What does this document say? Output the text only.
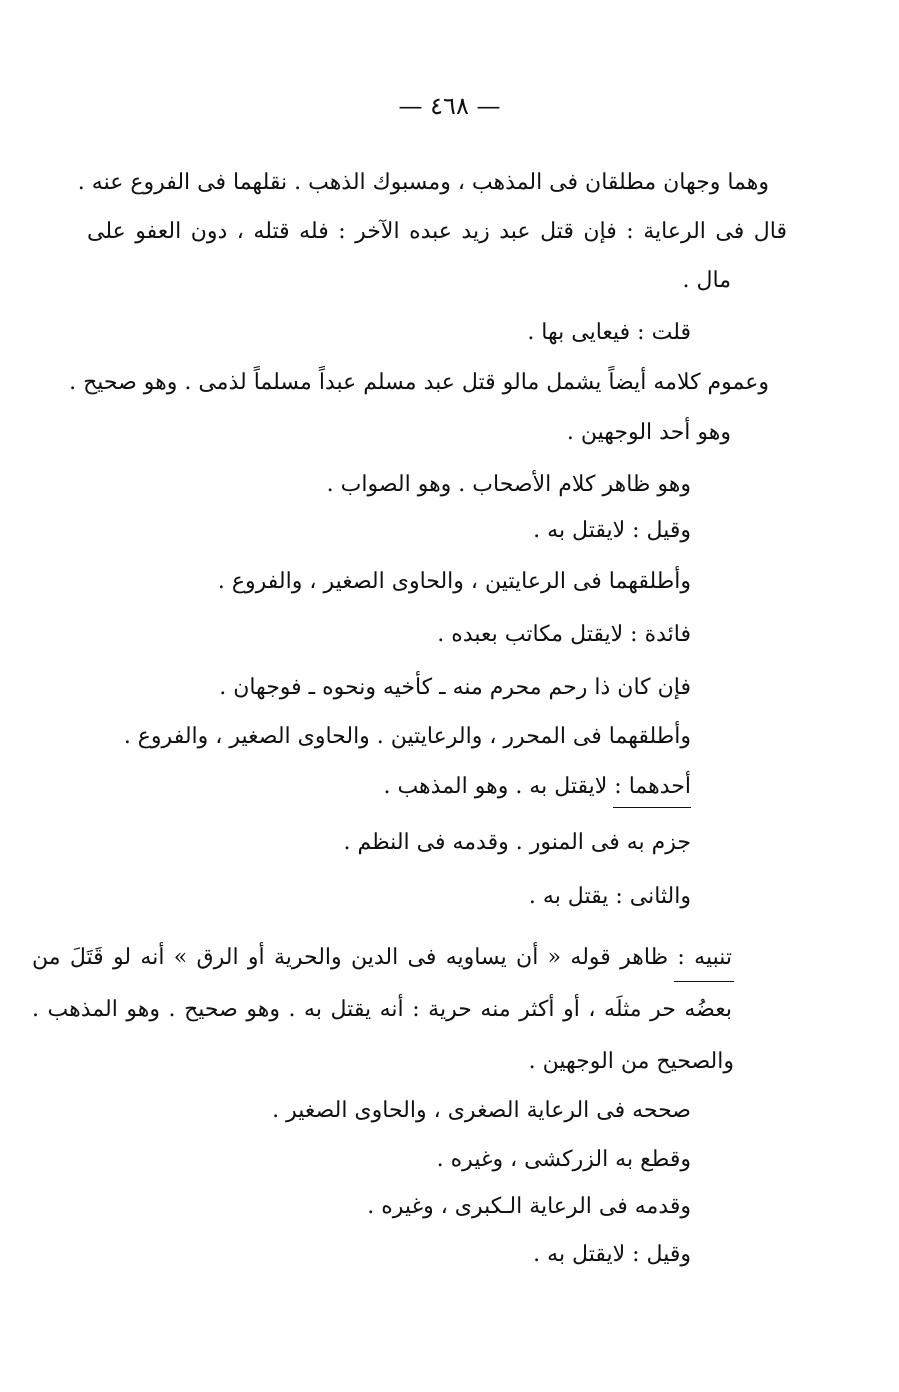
— ٤٦٨ —
وهما وجهان مطلقان فى المذهب ، ومسبوك الذهب . نقلهما فى الفروع عنه .
قال فى الرعاية : فإن قتل عبد زيد عبده الآخر : فله قتله ، دون العفو على
مال .
قلت : فيعايى بها .
وعموم كلامه أيضاً يشمل مالو قتل عبد مسلم عبداً مسلماً لذمى . وهو صحيح .
وهو أحد الوجهين .
وهو ظاهر كلام الأصحاب . وهو الصواب .
وقيل : لايقتل به .
وأطلقهما فى الرعايتين ، والحاوى الصغير ، والفروع .
فائدة : لايقتل مكاتب بعبده .
فإن كان ذا رحم محرم منه ـ كأخيه ونحوه ـ فوجهان .
وأطلقهما فى المحرر ، والرعايتين . والحاوى الصغير ، والفروع .
أحدهما : لايقتل به . وهو المذهب .
جزم به فى المنور . وقدمه فى النظم .
والثانى : يقتل به .
تنبيه : ظاهر قوله « أن يساويه فى الدين والحرية أو الرق » أنه لو قَتَلَ من
بعضُه حر مثلَه ، أو أكثر منه حرية : أنه يقتل به . وهو صحيح . وهو المذهب .
والصحيح من الوجهين .
صححه فى الرعاية الصغرى ، والحاوى الصغير .
وقطع به الزركشى ، وغيره .
وقدمه فى الرعاية الـكبرى ، وغيره .
وقيل : لايقتل به .
